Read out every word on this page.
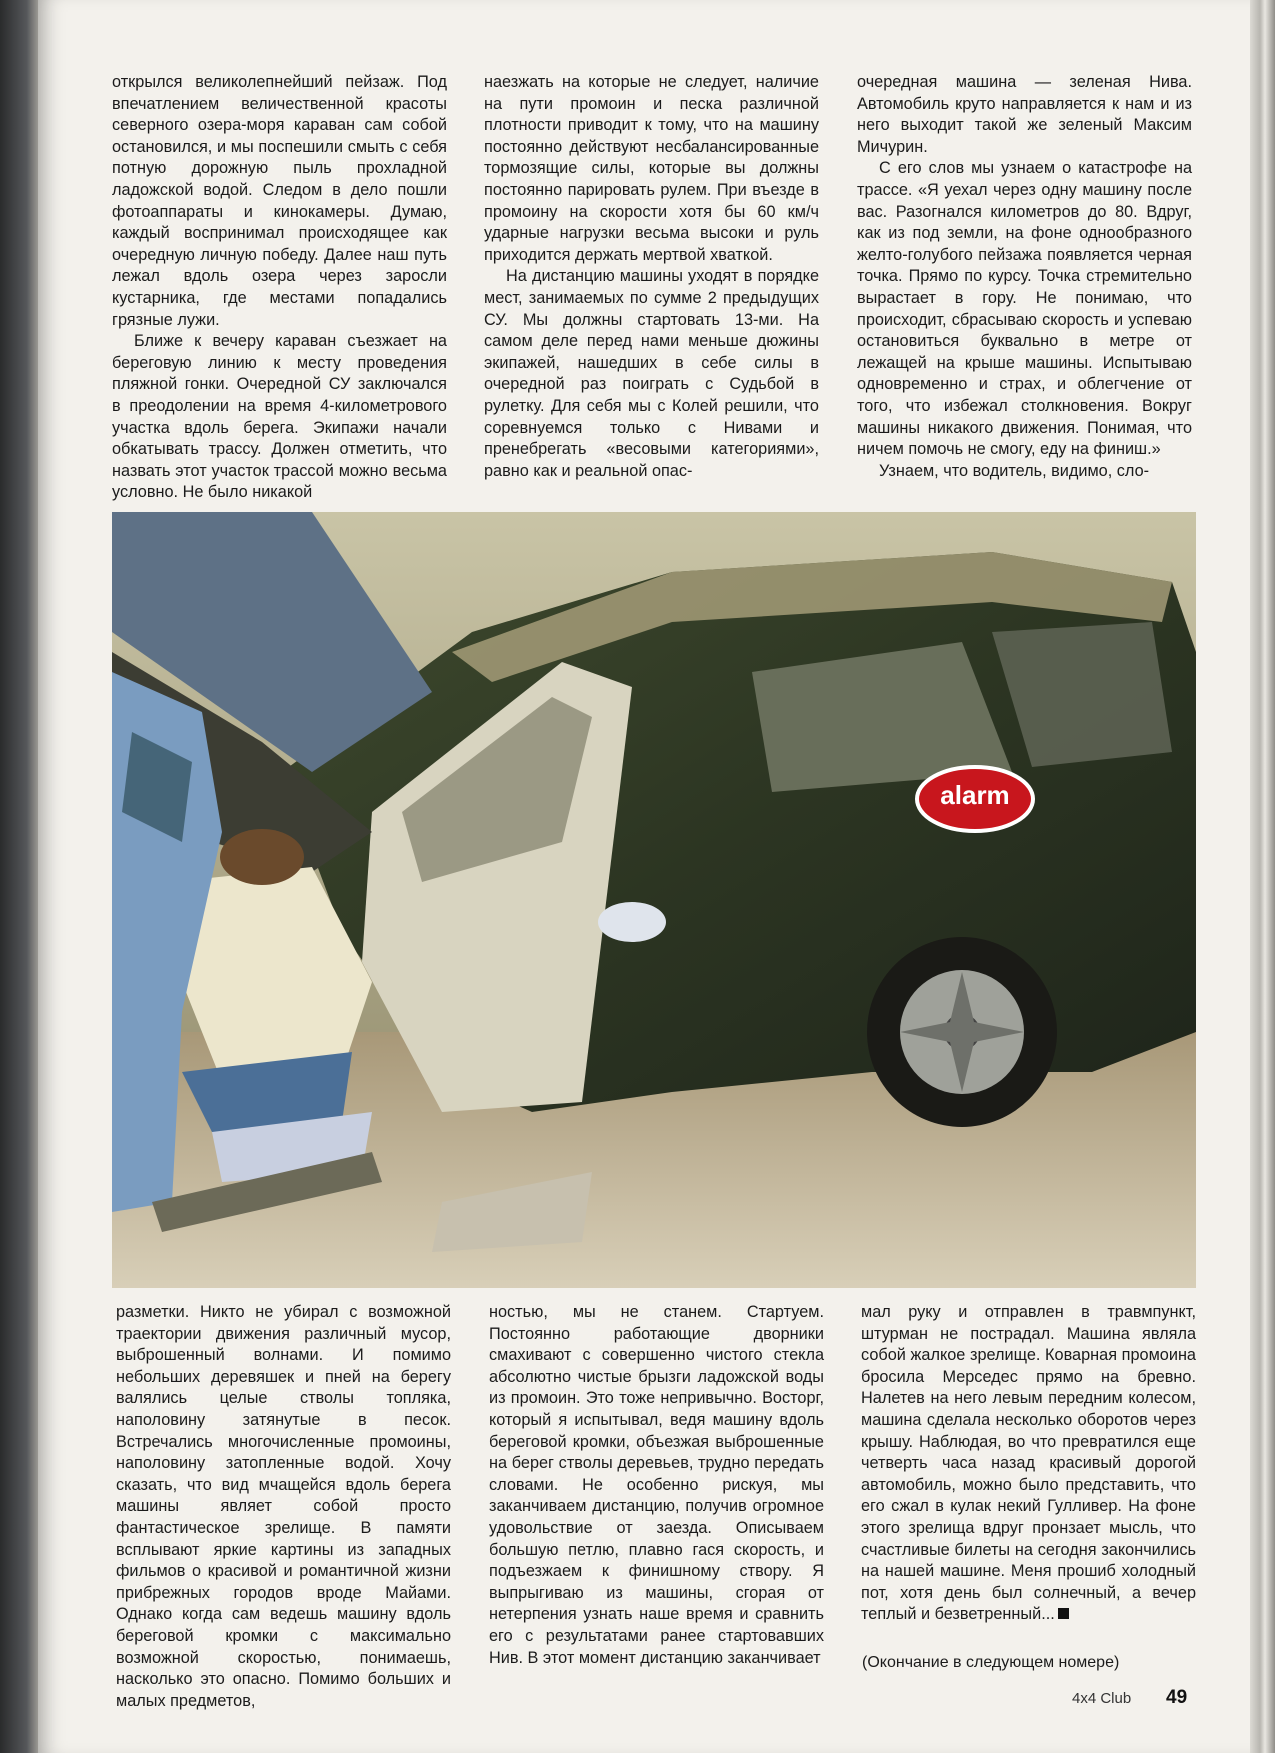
открылся великолепнейший пейзаж. Под впечатлением величественной красоты северного озера-моря караван сам собой остановился, и мы поспешили смыть с себя потную дорожную пыль прохладной ладожской водой. Следом в дело пошли фотоаппараты и кинокамеры. Думаю, каждый воспринимал происходящее как очередную личную победу. Далее наш путь лежал вдоль озера через заросли кустарника, где местами попадались грязные лужи.

Ближе к вечеру караван съезжает на береговую линию к месту проведения пляжной гонки. Очередной СУ заключался в преодолении на время 4-километрового участка вдоль берега. Экипажи начали обкатывать трассу. Должен отметить, что назвать этот участок трассой можно весьма условно. Не было никакой

наезжать на которые не следует, наличие на пути промоин и песка различной плотности приводит к тому, что на машину постоянно действуют несбалансированные тормозящие силы, которые вы должны постоянно парировать рулем. При въезде в промоину на скорости хотя бы 60 км/ч ударные нагрузки весьма высоки и руль приходится держать мертвой хваткой.

На дистанцию машины уходят в порядке мест, занимаемых по сумме 2 предыдущих СУ. Мы должны стартовать 13-ми. На самом деле перед нами меньше дюжины экипажей, нашедших в себе силы в очередной раз поиграть с Судьбой в рулетку. Для себя мы с Колей решили, что соревнуемся только с Нивами и пренебрегать «весовыми категориями», равно как и реальной опас-

очередная машина — зеленая Нива. Автомобиль круто направляется к нам и из него выходит такой же зеленый Максим Мичурин.

С его слов мы узнаем о катастрофе на трассе. «Я уехал через одну машину после вас. Разогнался километров до 80. Вдруг, как из под земли, на фоне однообразного желто-голубого пейзажа появляется черная точка. Прямо по курсу. Точка стремительно вырастает в гору. Не понимаю, что происходит, сбрасываю скорость и успеваю остановиться буквально в метре от лежащей на крыше машины. Испытываю одновременно и страх, и облегчение от того, что избежал столкновения. Вокруг машины никакого движения. Понимая, что ничем помочь не смогу, еду на финиш.»

Узнаем, что водитель, видимо, сло-

alarm

разметки. Никто не убирал с возможной траектории движения различный мусор, выброшенный волнами. И помимо небольших деревяшек и пней на берегу валялись целые стволы топляка, наполовину затянутые в песок. Встречались многочисленные промоины, наполовину затопленные водой. Хочу сказать, что вид мчащейся вдоль берега машины являет собой просто фантастическое зрелище. В памяти всплывают яркие картины из западных фильмов о красивой и романтичной жизни прибрежных городов вроде Майами. Однако когда сам ведешь машину вдоль береговой кромки с максимально возможной скоростью, понимаешь, насколько это опасно. Помимо больших и малых предметов,

ностью, мы не станем. Стартуем. Постоянно работающие дворники смахивают с совершенно чистого стекла абсолютно чистые брызги ладожской воды из промоин. Это тоже непривычно. Восторг, который я испытывал, ведя машину вдоль береговой кромки, объезжая выброшенные на берег стволы деревьев, трудно передать словами. Не особенно рискуя, мы заканчиваем дистанцию, получив огромное удовольствие от заезда. Описываем большую петлю, плавно гася скорость, и подъезжаем к финишному створу. Я выпрыгиваю из машины, сгорая от нетерпения узнать наше время и сравнить его с результатами ранее стартовавших Нив. В этот момент дистанцию заканчивает

мал руку и отправлен в травмпункт, штурман не пострадал. Машина являла собой жалкое зрелище. Коварная промоина бросила Мерседес прямо на бревно. Налетев на него левым передним колесом, машина сделала несколько оборотов через крышу. Наблюдая, во что превратился еще четверть часа назад красивый дорогой автомобиль, можно было представить, что его сжал в кулак некий Гулливер. На фоне этого зрелища вдруг пронзает мысль, что счастливые билеты на сегодня закончились на нашей машине. Меня прошиб холодный пот, хотя день был солнечный, а вечер теплый и безветренный...

(Окончание в следующем номере)
4x4 Club 49
